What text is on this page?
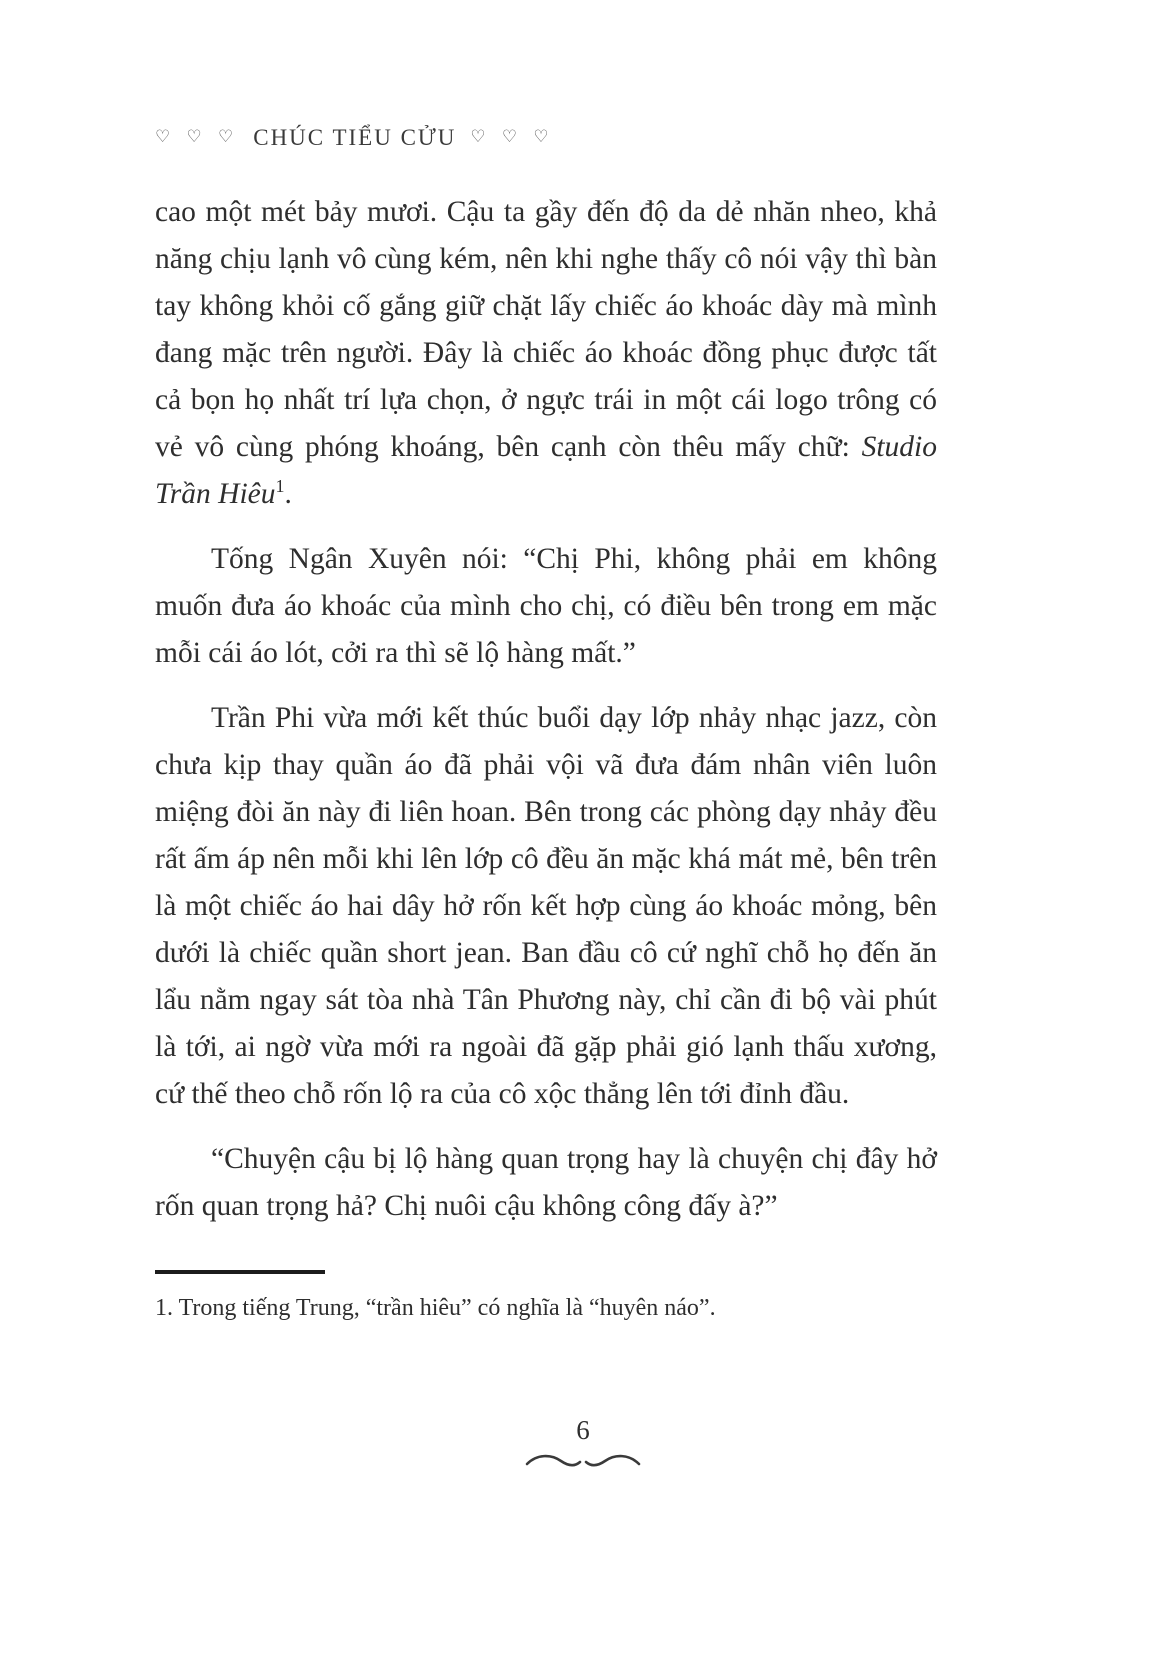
♡ ♡ ♡ CHÚC TIỂU CỬU ♡ ♡ ♡

cao một mét bảy mươi. Cậu ta gầy đến độ da dẻ nhăn nheo, khả năng chịu lạnh vô cùng kém, nên khi nghe thấy cô nói vậy thì bàn tay không khỏi cố gắng giữ chặt lấy chiếc áo khoác dày mà mình đang mặc trên người. Đây là chiếc áo khoác đồng phục được tất cả bọn họ nhất trí lựa chọn, ở ngực trái in một cái logo trông có vẻ vô cùng phóng khoáng, bên cạnh còn thêu mấy chữ: Studio Trần Hiêu$^1$.

Tống Ngân Xuyên nói: “Chị Phi, không phải em không muốn đưa áo khoác của mình cho chị, có điều bên trong em mặc mỗi cái áo lót, cởi ra thì sẽ lộ hàng mất.”

Trần Phi vừa mới kết thúc buổi dạy lớp nhảy nhạc jazz, còn chưa kịp thay quần áo đã phải vội vã đưa đám nhân viên luôn miệng đòi ăn này đi liên hoan. Bên trong các phòng dạy nhảy đều rất ấm áp nên mỗi khi lên lớp cô đều ăn mặc khá mát mẻ, bên trên là một chiếc áo hai dây hở rốn kết hợp cùng áo khoác mỏng, bên dưới là chiếc quần short jean. Ban đầu cô cứ nghĩ chỗ họ đến ăn lẩu nằm ngay sát tòa nhà Tân Phương này, chỉ cần đi bộ vài phút là tới, ai ngờ vừa mới ra ngoài đã gặp phải gió lạnh thấu xương, cứ thế theo chỗ rốn lộ ra của cô xộc thẳng lên tới đỉnh đầu.

“Chuyện cậu bị lộ hàng quan trọng hay là chuyện chị đây hở rốn quan trọng hả? Chị nuôi cậu không công đấy à?”

1. Trong tiếng Trung, “trần hiêu” có nghĩa là “huyên náo”.
6
